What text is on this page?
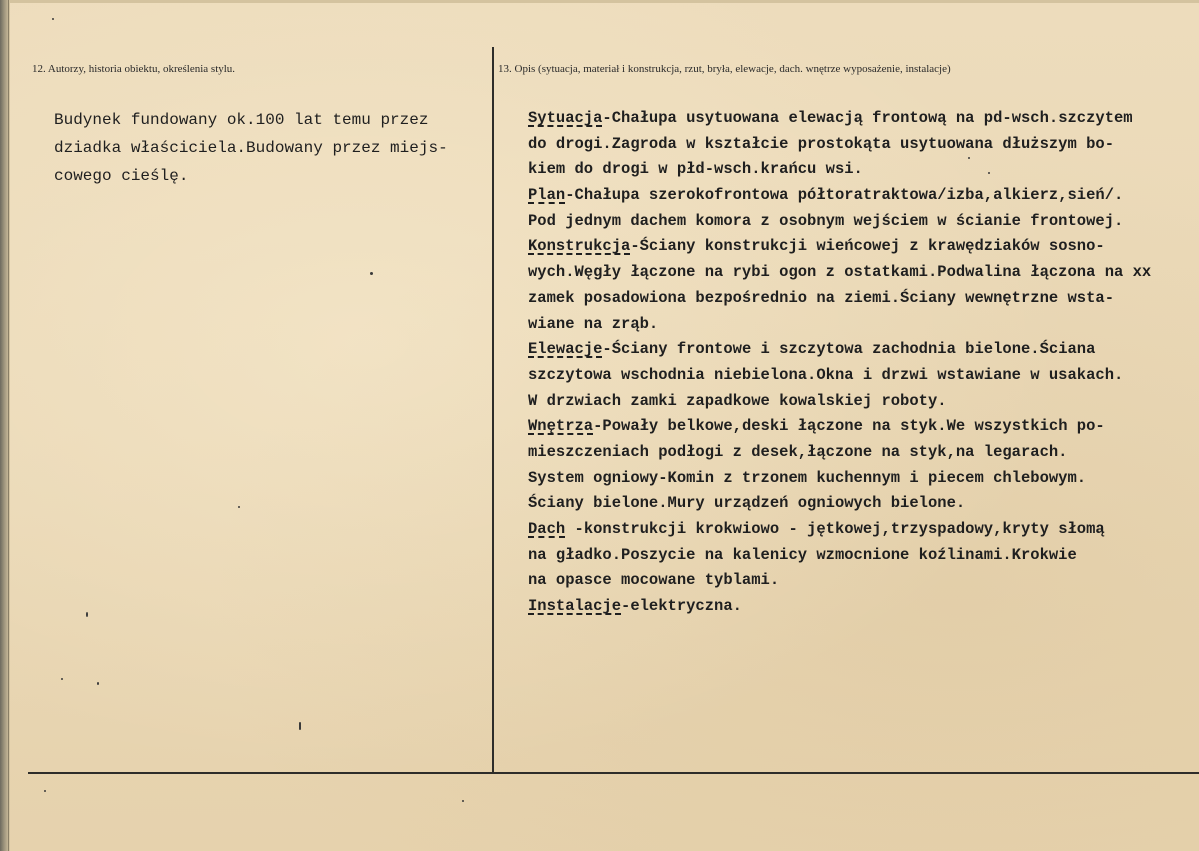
12. Autorzy, historia obiektu, określenia stylu.	13. Opis (sytuacja, materiał i konstrukcja, rzut, bryła, elewacje, dach. wnętrze wyposażenie, instalacje)
Budynek fundowany ok.100 lat temu przez
dziadka właściciela.Budowany przez miejs-
cowego cieślę.
Sytuacja-Chałupa usytuowana elewacją frontową na pd-wsch.szczytem
do drogi.Zagroda w kształcie prostokąta usytuowana dłuższym bo-
kiem do drogi w płd-wsch.krańcu wsi.
Plan-Chałupa szerokofrontowa półtoratraktowa/izba,alkierz,sień/.
Pod jednym dachem komora z osobnym wejściem w ścianie frontowej.
Konstrukcja-Ściany konstrukcji wieńcowej z krawędziaków sosno-
wych.Węgły łączone na rybi ogon z ostatkami.Podwalina łączona na xx
zamek posadowiona bezpośrednio na ziemi.Ściany wewnętrzne wsta-
wiane na zrąb.
Elewacje-Ściany frontowe i szczytowa zachodnia bielone.Ściana
szczytowa wschodnia niebielona.Okna i drzwi wstawiane w usakach.
W drzwiach zamki zapadkowe kowalskiej roboty.
Wnętrza-Powały belkowe,deski łączone na styk.We wszystkich po-
mieszczeniach podłogi z desek,łączone na styk,na legarach.
System ogniowy-Komin z trzonem kuchennym i piecem chlebowym.
Ściany bielone.Mury urządzeń ogniowych bielone.
Dach -konstrukcji krokwiowo - jętkowej,trzyspadowy,kryty słomą
na gładko.Poszycie na kalenicy wzmocnione koźlinami.Krokwie
na opasce mocowane tyblami.
Instalacje-elektryczna.
